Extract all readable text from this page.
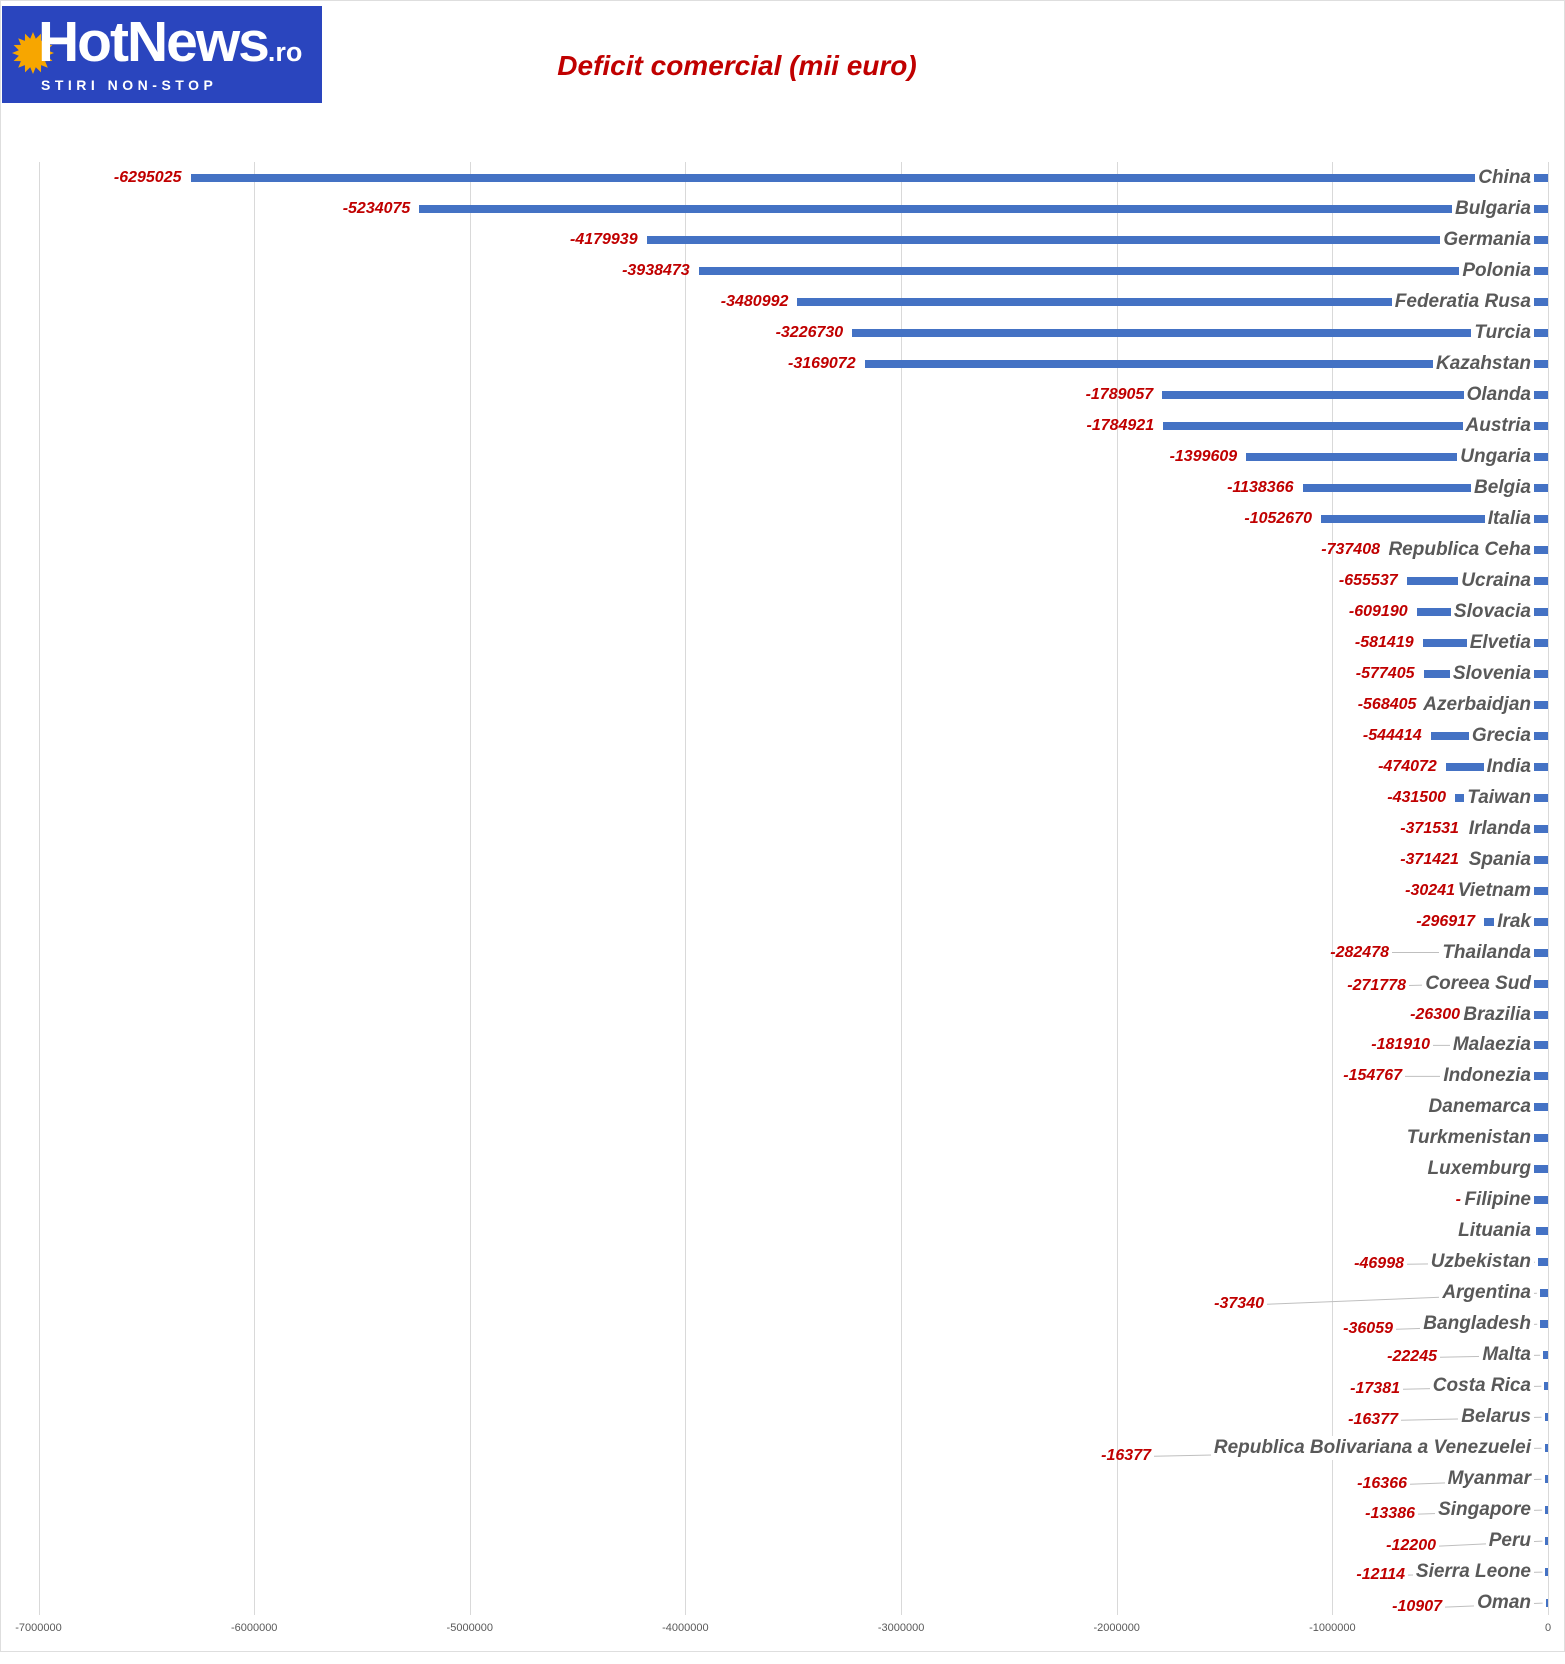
HotNews.ro
STIRI NON-STOP
Deficit comercial (mii euro)
-7000000	-6000000	-5000000	-4000000	-3000000	-2000000	-1000000	0
China
-6295025
Bulgaria
-5234075
Germania
-4179939
Polonia
-3938473
Federatia Rusa
-3480992
Turcia
-3226730
Kazahstan
-3169072
Olanda
-1789057
Austria
-1784921
Ungaria
-1399609
Belgia
-1138366
Italia
-1052670
Republica Ceha
-737408
Ucraina
-655537
Slovacia
-609190
Elvetia
-581419
Slovenia
-577405
Azerbaidjan
-568405
Grecia
-544414
India
-474072
Taiwan
-431500
Irlanda
-371531
Spania
-371421
Vietnam
-30241
Irak
-296917
Thailanda
-282478
Coreea Sud
-271778
Brazilia
-26300
Malaezia
-181910
Indonezia
-154767
Danemarca
Turkmenistan
Luxemburg
Filipine
-
Lituania
Uzbekistan
-46998
Argentina
-37340
Bangladesh
-36059
Malta
-22245
Costa Rica
-17381
Belarus
-16377
Republica Bolivariana a Venezuelei
-16377
Myanmar
-16366
Singapore
-13386
Peru
-12200
Sierra Leone
-12114
Oman
-10907
